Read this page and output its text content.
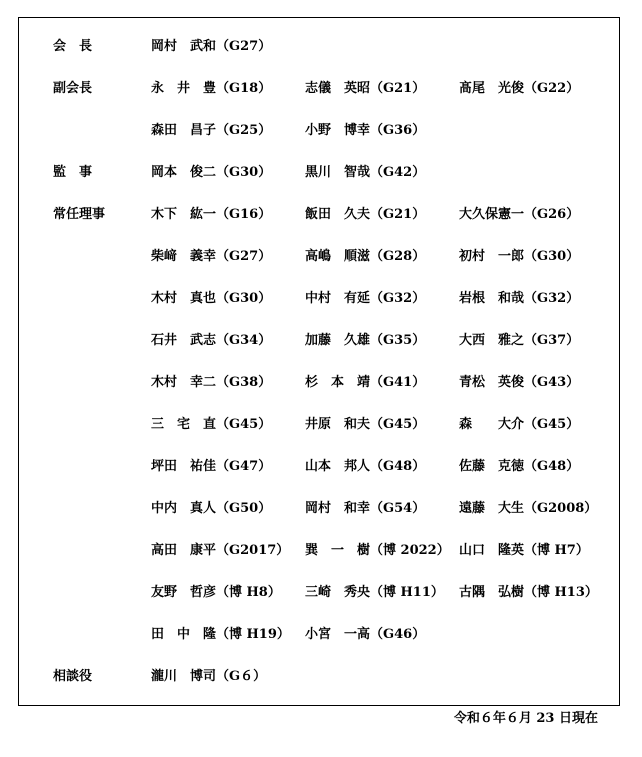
会　長	岡村　武和（G27）
副会長	永　井　豊（G18）	志儀　英昭（G21）	髙尾　光俊（G22）
森田　昌子（G25）	小野　博幸（G36）
監　事	岡本　俊二（G30）	黒川　智哉（G42）
常任理事	木下　紘一（G16）	飯田　久夫（G21）	大久保憲一（G26）
柴﨑　義幸（G27）	高嶋　順滋（G28）	初村　一郎（G30）
木村　真也（G30）	中村　有延（G32）	岩根　和哉（G32）
石井　武志（G34）	加藤　久雄（G35）	大西　雅之（G37）
木村　幸二（G38）	杉　本　靖（G41）	青松　英俊（G43）
三　宅　直（G45）	井原　和夫（G45）	森　　大介（G45）
坪田　祐佳（G47）	山本　邦人（G48）	佐藤　克徳（G48）
中内　真人（G50）	岡村　和幸（G54）	遠藤　大生（G2008）
高田　康平（G2017） 巽　一　樹（博 2022） 山口　隆英（博 H7）
友野　哲彦（博 H8） 三崎　秀央（博 H11） 古隅　弘樹（博 H13）
田　中　隆（博 H19） 小宮　一高（G46）
相談役	瀧川　博司（G６）
令和６年６月 23 日現在
